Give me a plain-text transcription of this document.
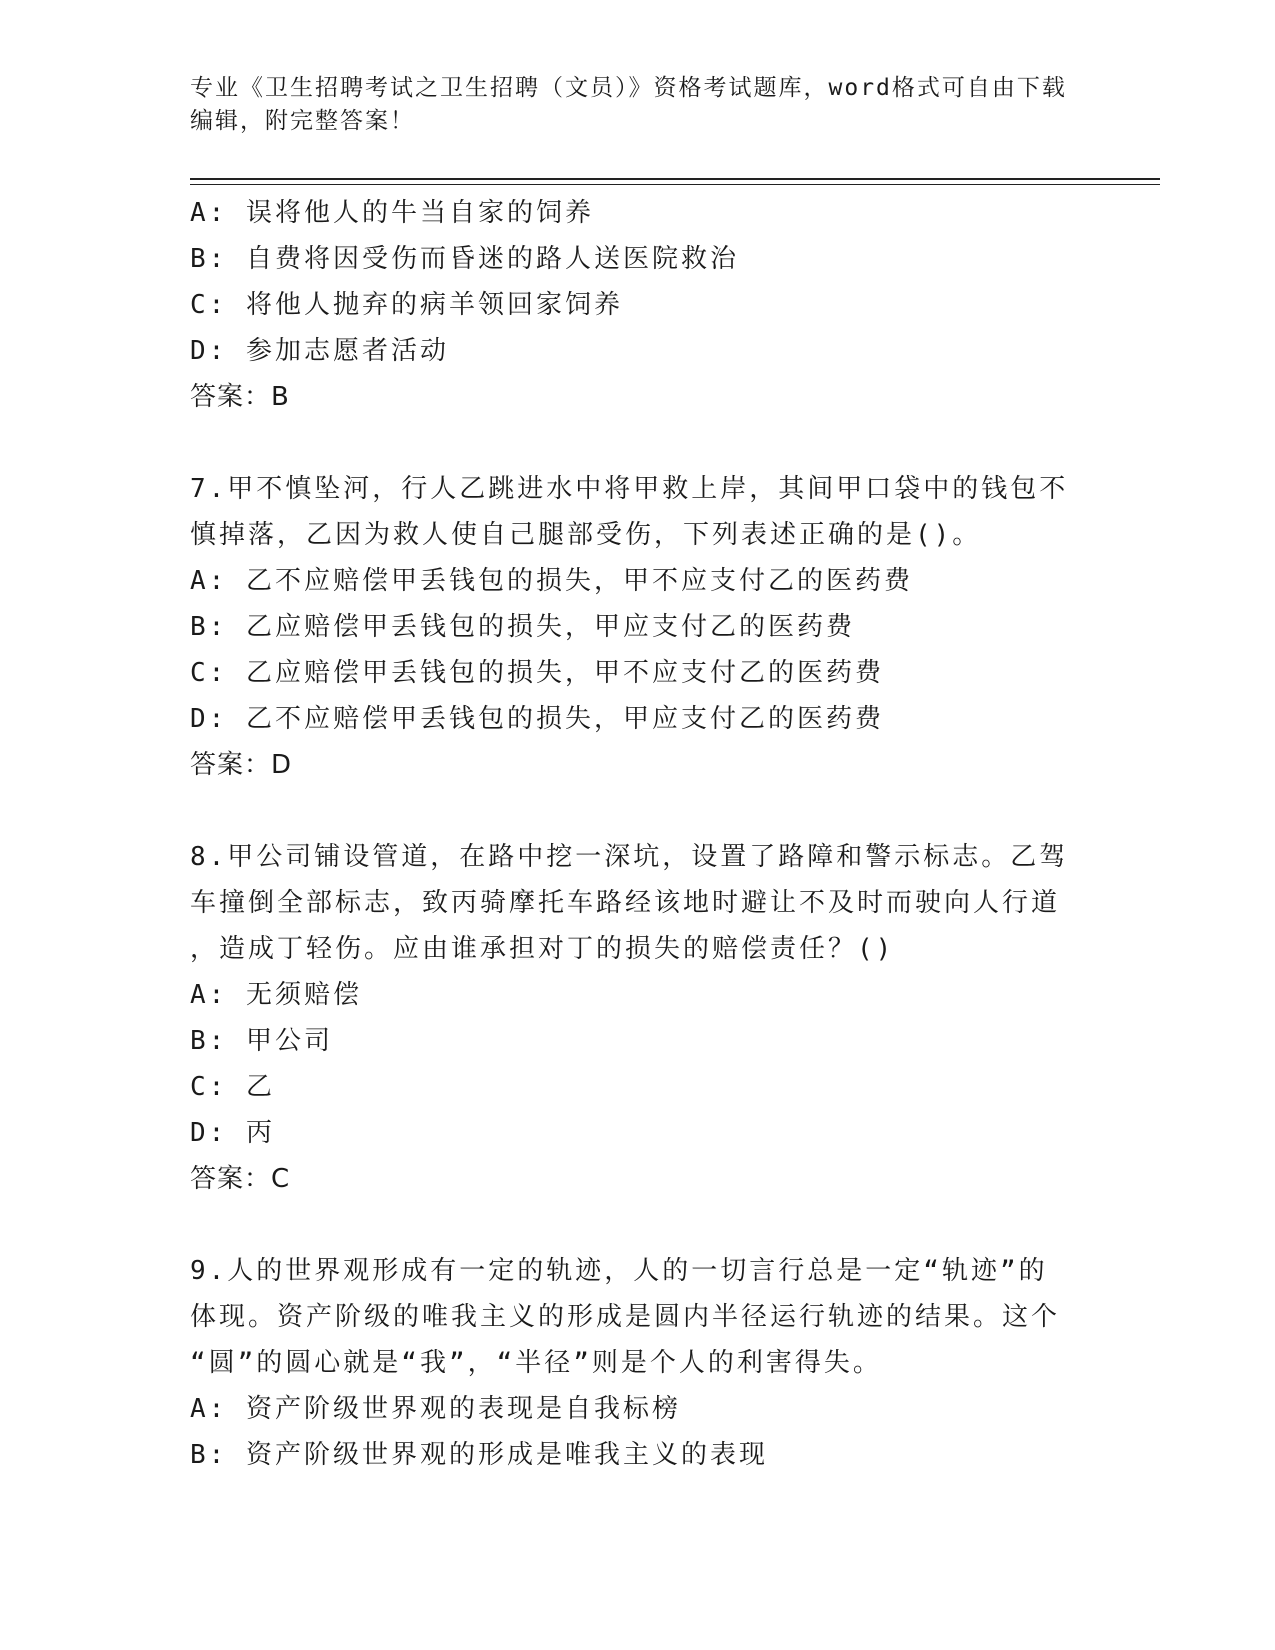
专业《卫生招聘考试之卫生招聘（文员）》资格考试题库，word格式可自由下载
编辑，附完整答案！
A: 误将他人的牛当自家的饲养
B: 自费将因受伤而昏迷的路人送医院救治
C: 将他人抛弃的病羊领回家饲养
D: 参加志愿者活动
答案：B
7.甲不慎坠河，行人乙跳进水中将甲救上岸，其间甲口袋中的钱包不
慎掉落，乙因为救人使自己腿部受伤，下列表述正确的是()。
A: 乙不应赔偿甲丢钱包的损失，甲不应支付乙的医药费
B: 乙应赔偿甲丢钱包的损失，甲应支付乙的医药费
C: 乙应赔偿甲丢钱包的损失，甲不应支付乙的医药费
D: 乙不应赔偿甲丢钱包的损失，甲应支付乙的医药费
答案：D
8.甲公司铺设管道，在路中挖一深坑，设置了路障和警示标志。乙驾
车撞倒全部标志，致丙骑摩托车路经该地时避让不及时而驶向人行道
，造成丁轻伤。应由谁承担对丁的损失的赔偿责任？()
A: 无须赔偿
B: 甲公司
C: 乙
D: 丙
答案：C
9.人的世界观形成有一定的轨迹，人的一切言行总是一定“轨迹”的
体现。资产阶级的唯我主义的形成是圆内半径运行轨迹的结果。这个
“圆”的圆心就是“我”，“半径”则是个人的利害得失。
A: 资产阶级世界观的表现是自我标榜
B: 资产阶级世界观的形成是唯我主义的表现
